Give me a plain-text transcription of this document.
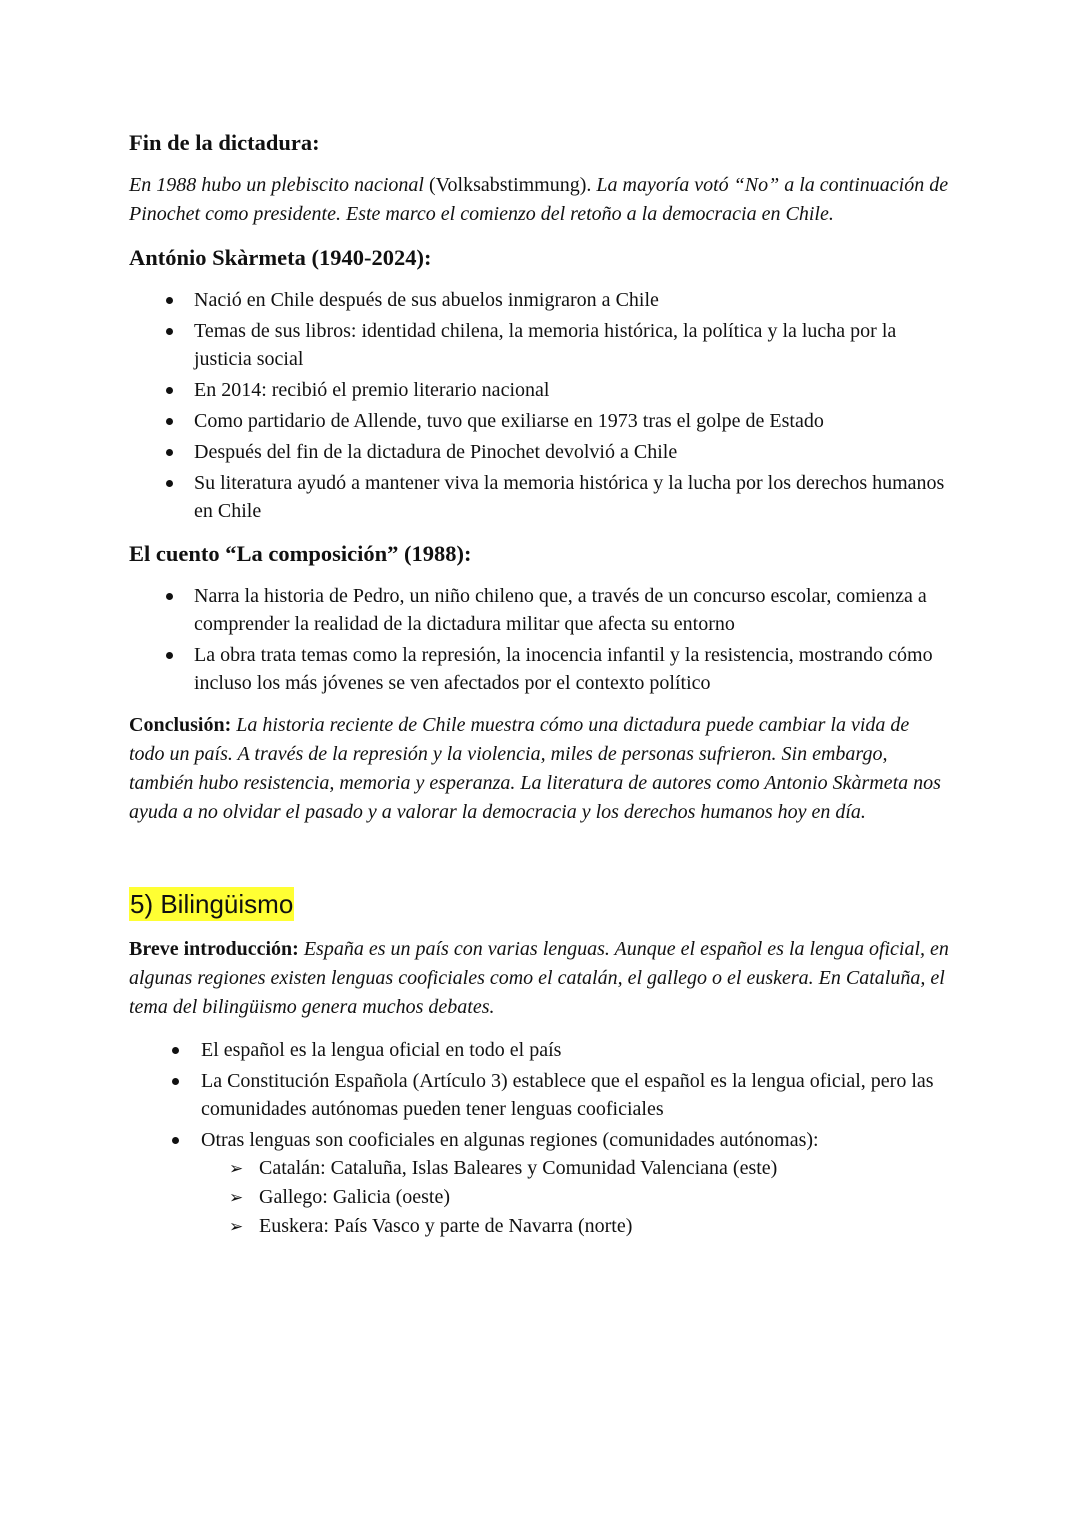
Fin de la dictadura:

En 1988 hubo un plebiscito nacional (Volksabstimmung). La mayoría votó “No” a la continuación de Pinochet como presidente. Este marco el comienzo del retoño a la democracia en Chile.

António Skàrmeta (1940-2024):
Nació en Chile después de sus abuelos inmigraron a Chile
Temas de sus libros: identidad chilena, la memoria histórica, la política y la lucha por la justicia social
En 2014: recibió el premio literario nacional
Como partidario de Allende, tuvo que exiliarse en 1973 tras el golpe de Estado
Después del fin de la dictadura de Pinochet devolvió a Chile
Su literatura ayudó a mantener viva la memoria histórica y la lucha por los derechos humanos en Chile
El cuento “La composición” (1988):
Narra la historia de Pedro, un niño chileno que, a través de un concurso escolar, comienza a comprender la realidad de la dictadura militar que afecta su entorno
La obra trata temas como la represión, la inocencia infantil y la resistencia, mostrando cómo incluso los más jóvenes se ven afectados por el contexto político

Conclusión: La historia reciente de Chile muestra cómo una dictadura puede cambiar la vida de todo un país. A través de la represión y la violencia, miles de personas sufrieron. Sin embargo, también hubo resistencia, memoria y esperanza. La literatura de autores como Antonio Skàrmeta nos ayuda a no olvidar el pasado y a valorar la democracia y los derechos humanos hoy en día.

5) Bilingüismo

Breve introducción: España es un país con varias lenguas. Aunque el español es la lengua oficial, en algunas regiones existen lenguas cooficiales como el catalán, el gallego o el euskera. En Cataluña, el tema del bilingüismo genera muchos debates.

El español es la lengua oficial en todo el país
La Constitución Española (Artículo 3) establece que el español es la lengua oficial, pero las comunidades autónomas pueden tener lenguas cooficiales
Otras lenguas son cooficiales en algunas regiones (comunidades autónomas):
➢ Catalán: Cataluña, Islas Baleares y Comunidad Valenciana (este)
➢ Gallego: Galicia (oeste)
➢ Euskera: País Vasco y parte de Navarra (norte)
